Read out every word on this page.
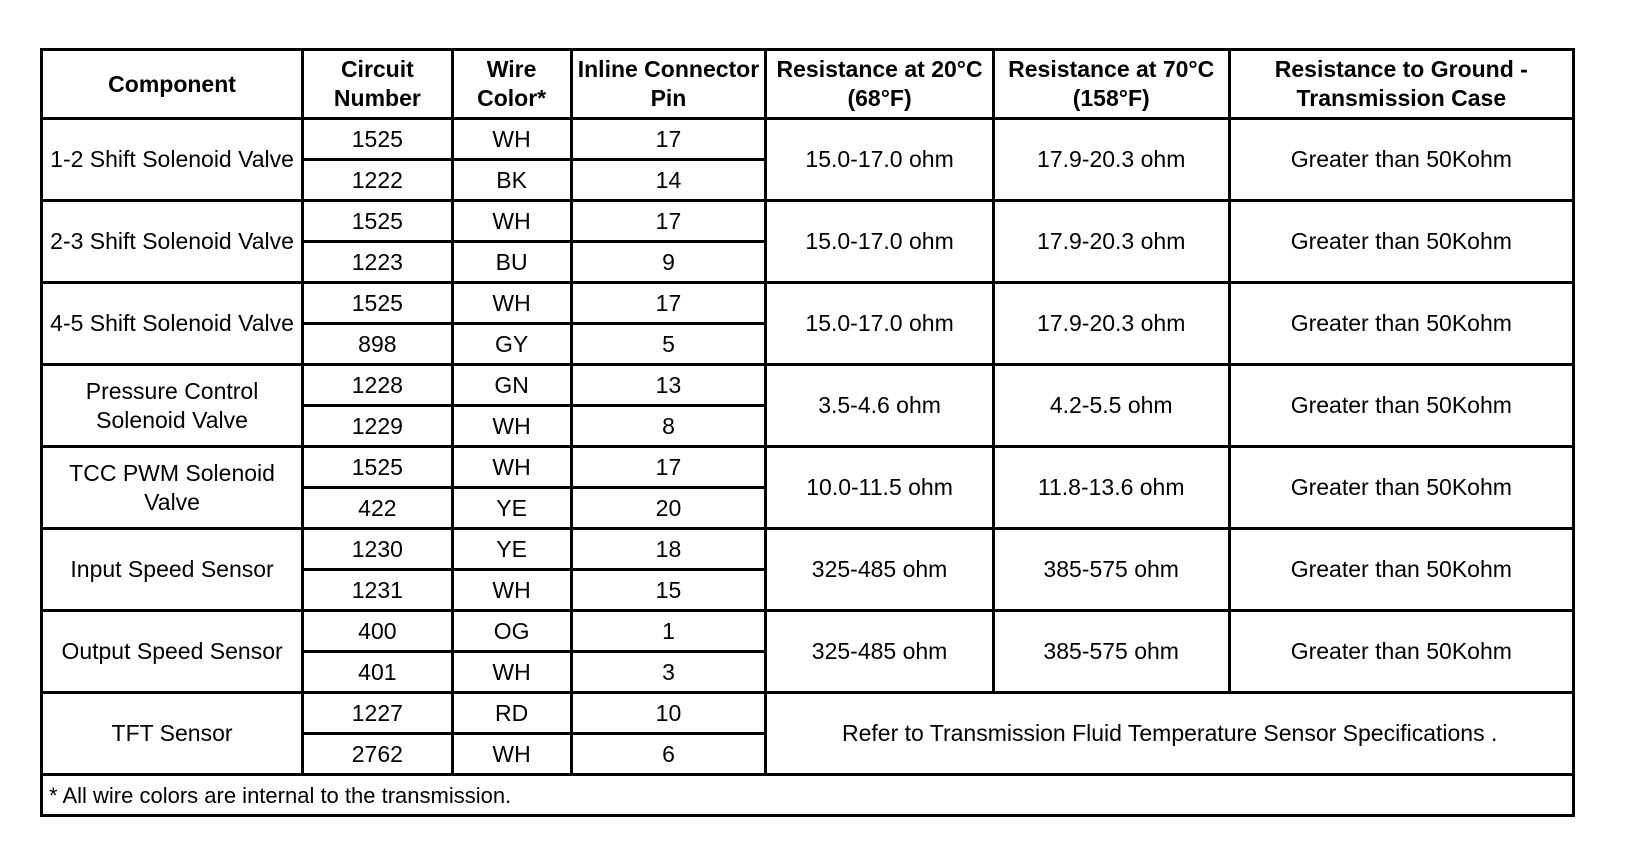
Component	Circuit Number	Wire Color*	Inline Connector Pin	Resistance at 20°C (68°F)	Resistance at 70°C (158°F)	Resistance to Ground - Transmission Case
1-2 Shift Solenoid Valve	1525	WH	17	15.0-17.0 ohm	17.9-20.3 ohm	Greater than 50Kohm
	1222	BK	14			
2-3 Shift Solenoid Valve	1525	WH	17	15.0-17.0 ohm	17.9-20.3 ohm	Greater than 50Kohm
	1223	BU	9			
4-5 Shift Solenoid Valve	1525	WH	17	15.0-17.0 ohm	17.9-20.3 ohm	Greater than 50Kohm
	898	GY	5			
Pressure Control Solenoid Valve	1228	GN	13	3.5-4.6 ohm	4.2-5.5 ohm	Greater than 50Kohm
	1229	WH	8			
TCC PWM Solenoid Valve	1525	WH	17	10.0-11.5 ohm	11.8-13.6 ohm	Greater than 50Kohm
	422	YE	20			
Input Speed Sensor	1230	YE	18	325-485 ohm	385-575 ohm	Greater than 50Kohm
	1231	WH	15			
Output Speed Sensor	400	OG	1	325-485 ohm	385-575 ohm	Greater than 50Kohm
	401	WH	3			
TFT Sensor	1227	RD	10	Refer to Transmission Fluid Temperature Sensor Specifications .		
	2762	WH	6			
* All wire colors are internal to the transmission.						
